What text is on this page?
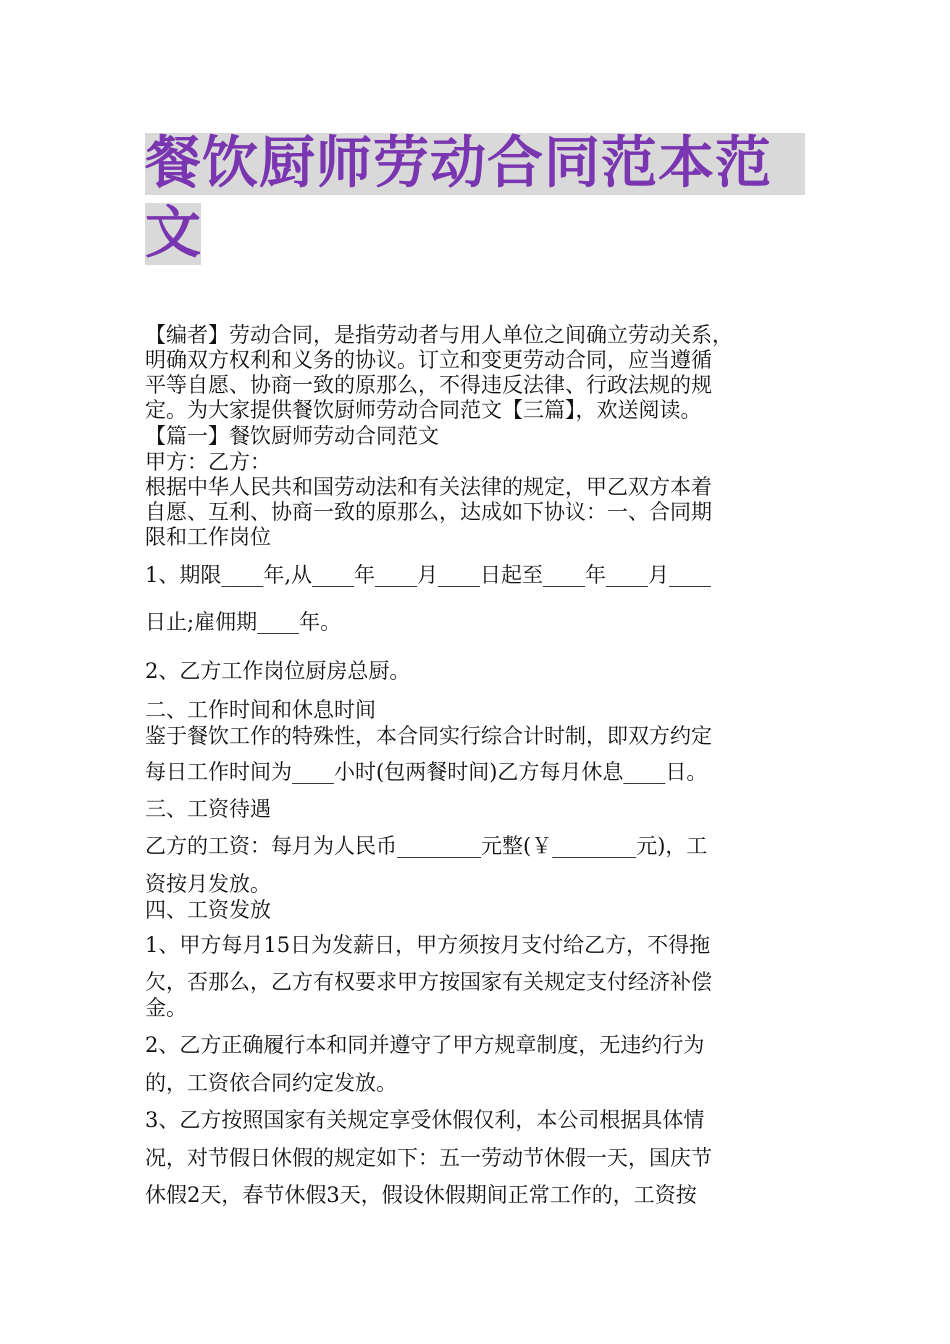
餐饮厨师劳动合同范本范
文
【编者】劳动合同，是指劳动者与用人单位之间确立劳动关系，
明确双方权利和义务的协议。订立和变更劳动合同，应当遵循
平等自愿、协商一致的原那么，不得违反法律、行政法规的规
定。为大家提供餐饮厨师劳动合同范文【三篇】，欢送阅读。
【篇一】餐饮厨师劳动合同范文
甲方：乙方：
根据中华人民共和国劳动法和有关法律的规定，甲乙双方本着
自愿、互利、协商一致的原那么，达成如下协议：一、合同期
限和工作岗位
1、期限____年,从____年____月____日起至____年____月____
日止;雇佣期____年。
2、乙方工作岗位厨房总厨。
二、工作时间和休息时间
鉴于餐饮工作的特殊性，本合同实行综合计时制，即双方约定
每日工作时间为____小时(包两餐时间)乙方每月休息____日。
三、工资待遇
乙方的工资：每月为人民币________元整(￥________元)，工
资按月发放。
四、工资发放
1、甲方每月15日为发薪日，甲方须按月支付给乙方，不得拖
欠，否那么，乙方有权要求甲方按国家有关规定支付经济补偿
金。
2、乙方正确履行本和同并遵守了甲方规章制度，无违约行为
的，工资依合同约定发放。
3、乙方按照国家有关规定享受休假仅利，本公司根据具体情
况，对节假日休假的规定如下：五一劳动节休假一天，国庆节
休假2天，春节休假3天，假设休假期间正常工作的，工资按
